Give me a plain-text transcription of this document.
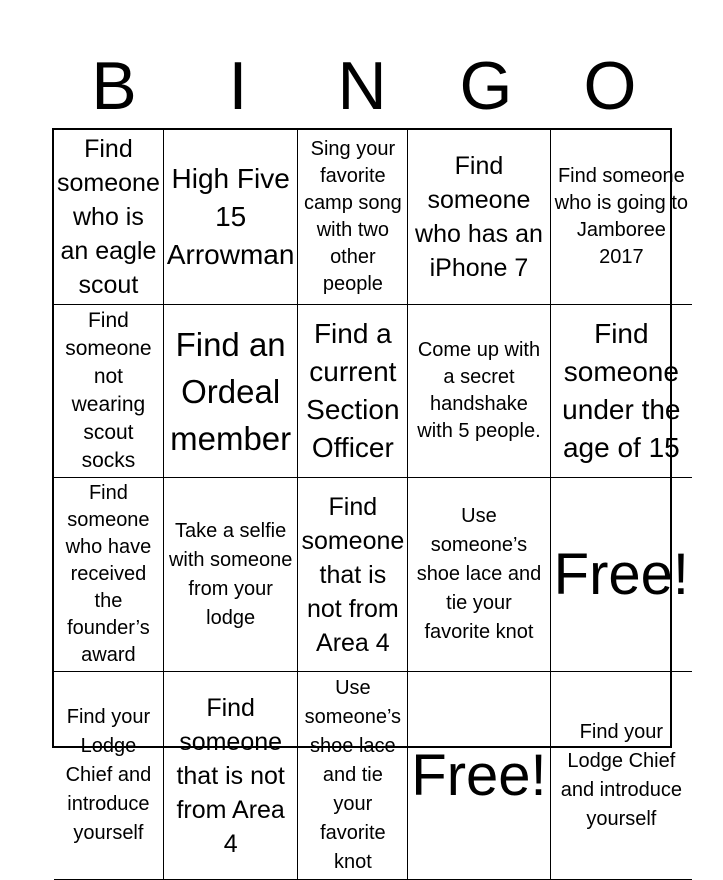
B	I	N	G	O
Find someone who is an eagle scout
High Five 15 Arrowman
Sing your favorite camp song with two other people
Find someone who has an iPhone 7
Find someone who is going to Jamboree 2017
Find someone not wearing scout socks
Find an Ordeal member
Find a current Section Officer
Come up with a secret handshake with 5 people.
Find someone under the age of 15
Find someone who have received the founder’s award
Take a selfie with someone from your lodge
Find someone that is not from Area 4
Use someone’s shoe lace and tie your favorite knot
Free!
Find your Lodge Chief and introduce yourself
Find someone that is not from Area 4
Use someone’s shoe lace and tie your favorite knot
Free!
Find your Lodge Chief and introduce yourself
